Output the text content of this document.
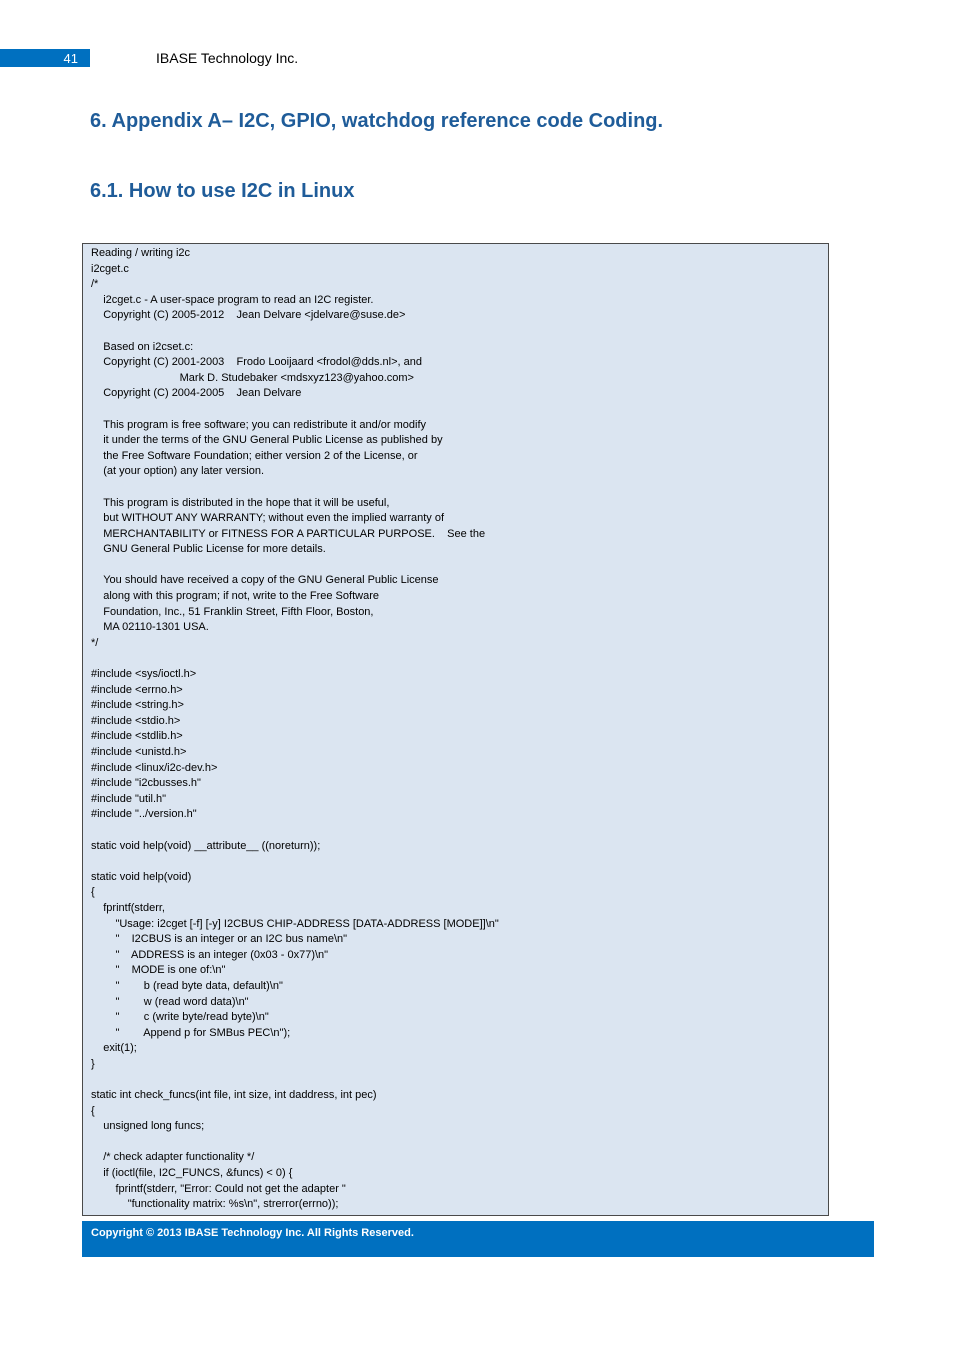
41	IBASE Technology Inc.
6. Appendix A– I2C, GPIO, watchdog reference code Coding.
6.1. How to use I2C in Linux
Reading / writing i2c
i2cget.c
/*
	i2cget.c - A user-space program to read an I2C register.
	Copyright (C) 2005-2012    Jean Delvare <jdelvare@suse.de>

	Based on i2cset.c:
	Copyright (C) 2001-2003    Frodo Looijaard <frodol@dds.nl>, and
							Mark D. Studebaker <mdsxyz123@yahoo.com>
	Copyright (C) 2004-2005    Jean Delvare

	This program is free software; you can redistribute it and/or modify
	it under the terms of the GNU General Public License as published by
	the Free Software Foundation; either version 2 of the License, or
	(at your option) any later version.

	This program is distributed in the hope that it will be useful,
	but WITHOUT ANY WARRANTY; without even the implied warranty of
	MERCHANTABILITY or FITNESS FOR A PARTICULAR PURPOSE.    See the
	GNU General Public License for more details.

	You should have received a copy of the GNU General Public License
	along with this program; if not, write to the Free Software
	Foundation, Inc., 51 Franklin Street, Fifth Floor, Boston,
	MA 02110-1301 USA.
*/

#include <sys/ioctl.h>
#include <errno.h>
#include <string.h>
#include <stdio.h>
#include <stdlib.h>
#include <unistd.h>
#include <linux/i2c-dev.h>
#include "i2cbusses.h"
#include "util.h"
#include "../version.h"

static void help(void) __attribute__ ((noreturn));

static void help(void)
{
	fprintf(stderr,
		"Usage: i2cget [-f] [-y] I2CBUS CHIP-ADDRESS [DATA-ADDRESS [MODE]]\n"
		"    I2CBUS is an integer or an I2C bus name\n"
		"    ADDRESS is an integer (0x03 - 0x77)\n"
		"    MODE is one of:\n"
		"        b (read byte data, default)\n"
		"        w (read word data)\n"
		"        c (write byte/read byte)\n"
		"        Append p for SMBus PEC\n");
	exit(1);
}

static int check_funcs(int file, int size, int daddress, int pec)
{
	unsigned long funcs;

	/* check adapter functionality */
	if (ioctl(file, I2C_FUNCS, &funcs) < 0) {
		fprintf(stderr, "Error: Could not get the adapter "
			"functionality matrix: %s\n", strerror(errno));
Copyright © 2013 IBASE Technology Inc. All Rights Reserved.
